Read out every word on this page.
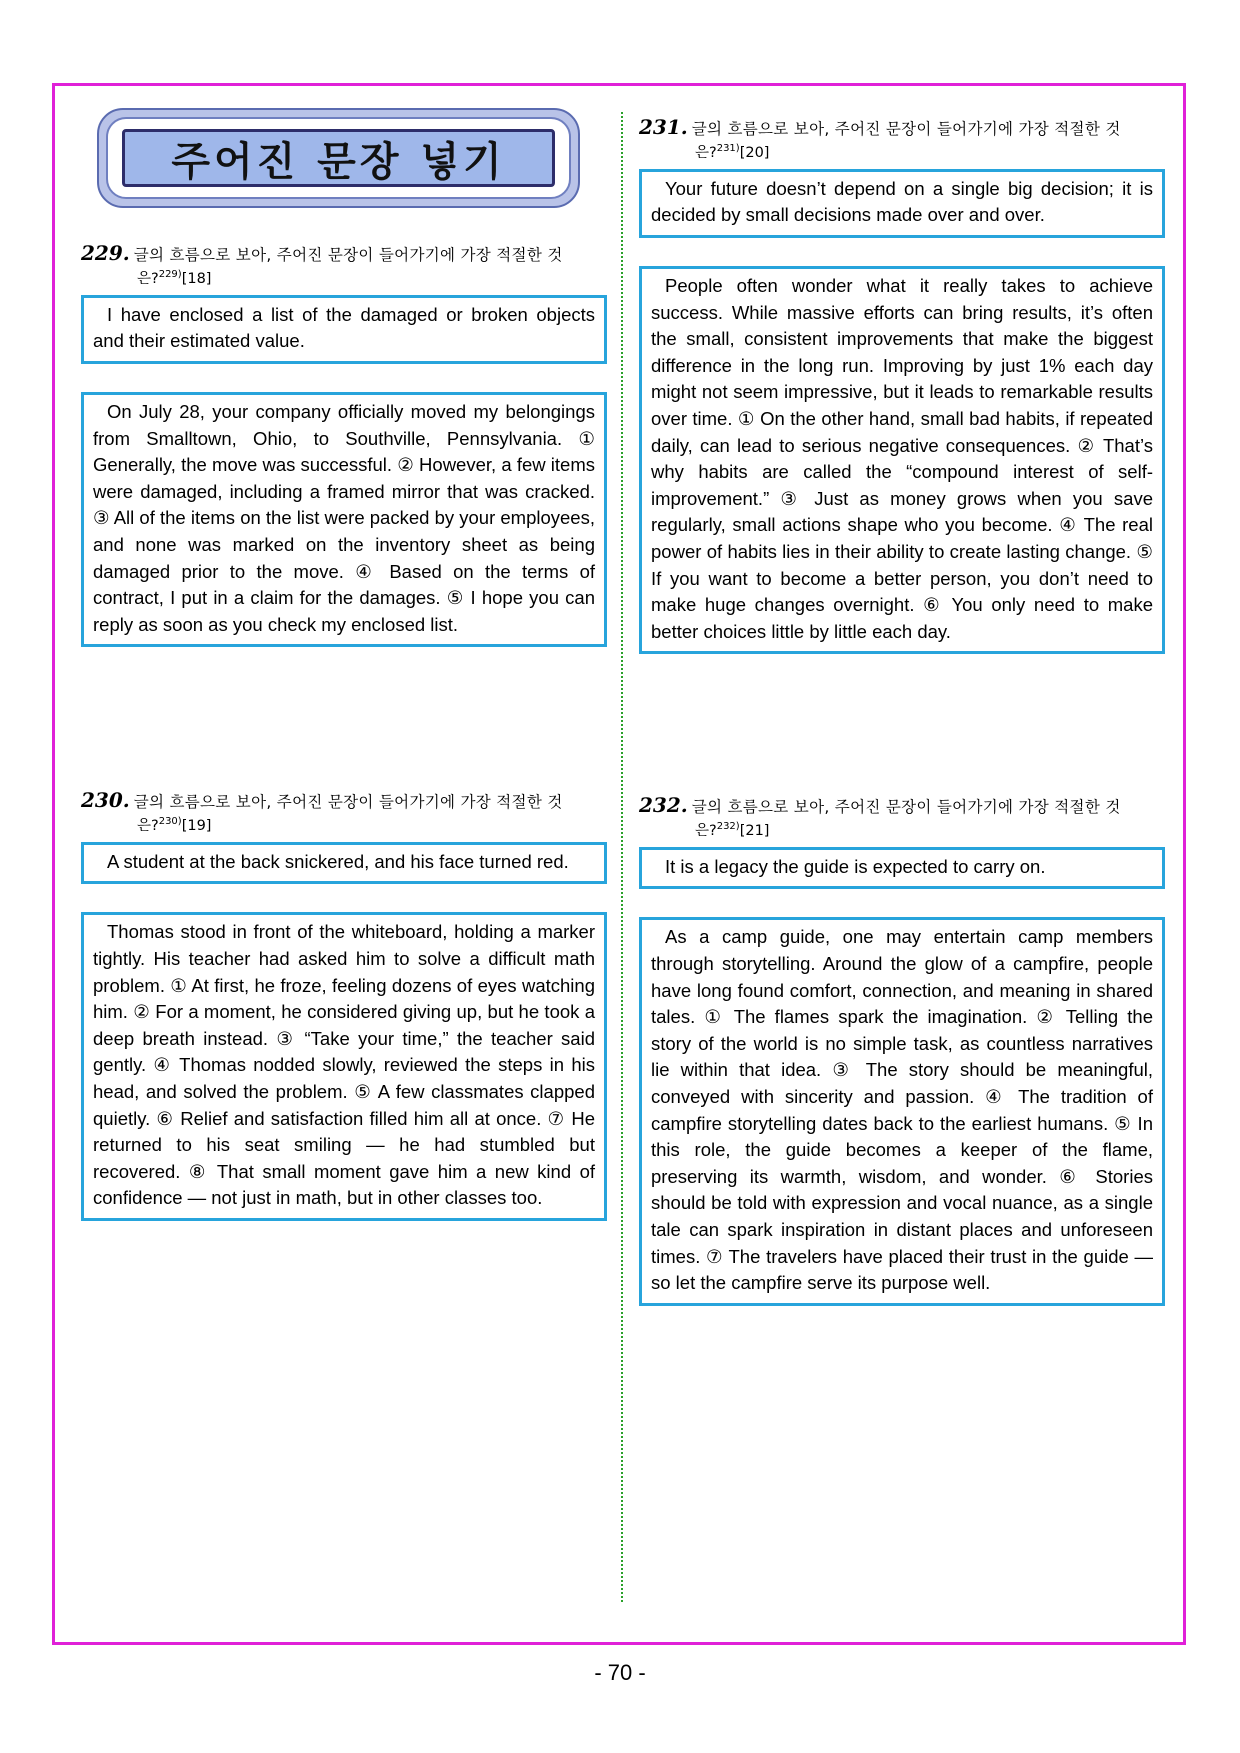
주어진 문장 넣기
229. 글의 흐름으로 보아, 주어진 문장이 들어가기에 가장 적절한 것
은?$^{229)}$[18]
I have enclosed a list of the damaged or broken objects and their estimated value.
On July 28, your company officially moved my belongings from Smalltown, Ohio, to Southville, Pennsylvania. ① Generally, the move was successful. ② However, a few items were damaged, including a framed mirror that was cracked. ③ All of the items on the list were packed by your employees, and none was marked on the inventory sheet as being damaged prior to the move. ④ Based on the terms of contract, I put in a claim for the damages. ⑤ I hope you can reply as soon as you check my enclosed list.
230. 글의 흐름으로 보아, 주어진 문장이 들어가기에 가장 적절한 것
은?$^{230)}$[19]
A student at the back snickered, and his face turned red.
Thomas stood in front of the whiteboard, holding a marker tightly. His teacher had asked him to solve a difficult math problem. ① At first, he froze, feeling dozens of eyes watching him. ② For a moment, he considered giving up, but he took a deep breath instead. ③ “Take your time,” the teacher said gently. ④ Thomas nodded slowly, reviewed the steps in his head, and solved the problem. ⑤ A few classmates clapped quietly. ⑥ Relief and satisfaction filled him all at once. ⑦ He returned to his seat smiling — he had stumbled but recovered. ⑧ That small moment gave him a new kind of confidence — not just in math, but in other classes too.
231. 글의 흐름으로 보아, 주어진 문장이 들어가기에 가장 적절한 것
은?$^{231)}$[20]
Your future doesn’t depend on a single big decision; it is decided by small decisions made over and over.
People often wonder what it really takes to achieve success. While massive efforts can bring results, it’s often the small, consistent improvements that make the biggest difference in the long run. Improving by just 1% each day might not seem impressive, but it leads to remarkable results over time. ① On the other hand, small bad habits, if repeated daily, can lead to serious negative consequences. ② That’s why habits are called the “compound interest of self-improvement.” ③ Just as money grows when you save regularly, small actions shape who you become. ④ The real power of habits lies in their ability to create lasting change. ⑤ If you want to become a better person, you don’t need to make huge changes overnight. ⑥ You only need to make better choices little by little each day.
232. 글의 흐름으로 보아, 주어진 문장이 들어가기에 가장 적절한 것
은?$^{232)}$[21]
It is a legacy the guide is expected to carry on.
As a camp guide, one may entertain camp members through storytelling. Around the glow of a campfire, people have long found comfort, connection, and meaning in shared tales. ① The flames spark the imagination. ② Telling the story of the world is no simple task, as countless narratives lie within that idea. ③ The story should be meaningful, conveyed with sincerity and passion. ④ The tradition of campfire storytelling dates back to the earliest humans. ⑤ In this role, the guide becomes a keeper of the flame, preserving its warmth, wisdom, and wonder. ⑥ Stories should be told with expression and vocal nuance, as a single tale can spark inspiration in distant places and unforeseen times. ⑦ The travelers have placed their trust in the guide — so let the campfire serve its purpose well.
- 70 -
